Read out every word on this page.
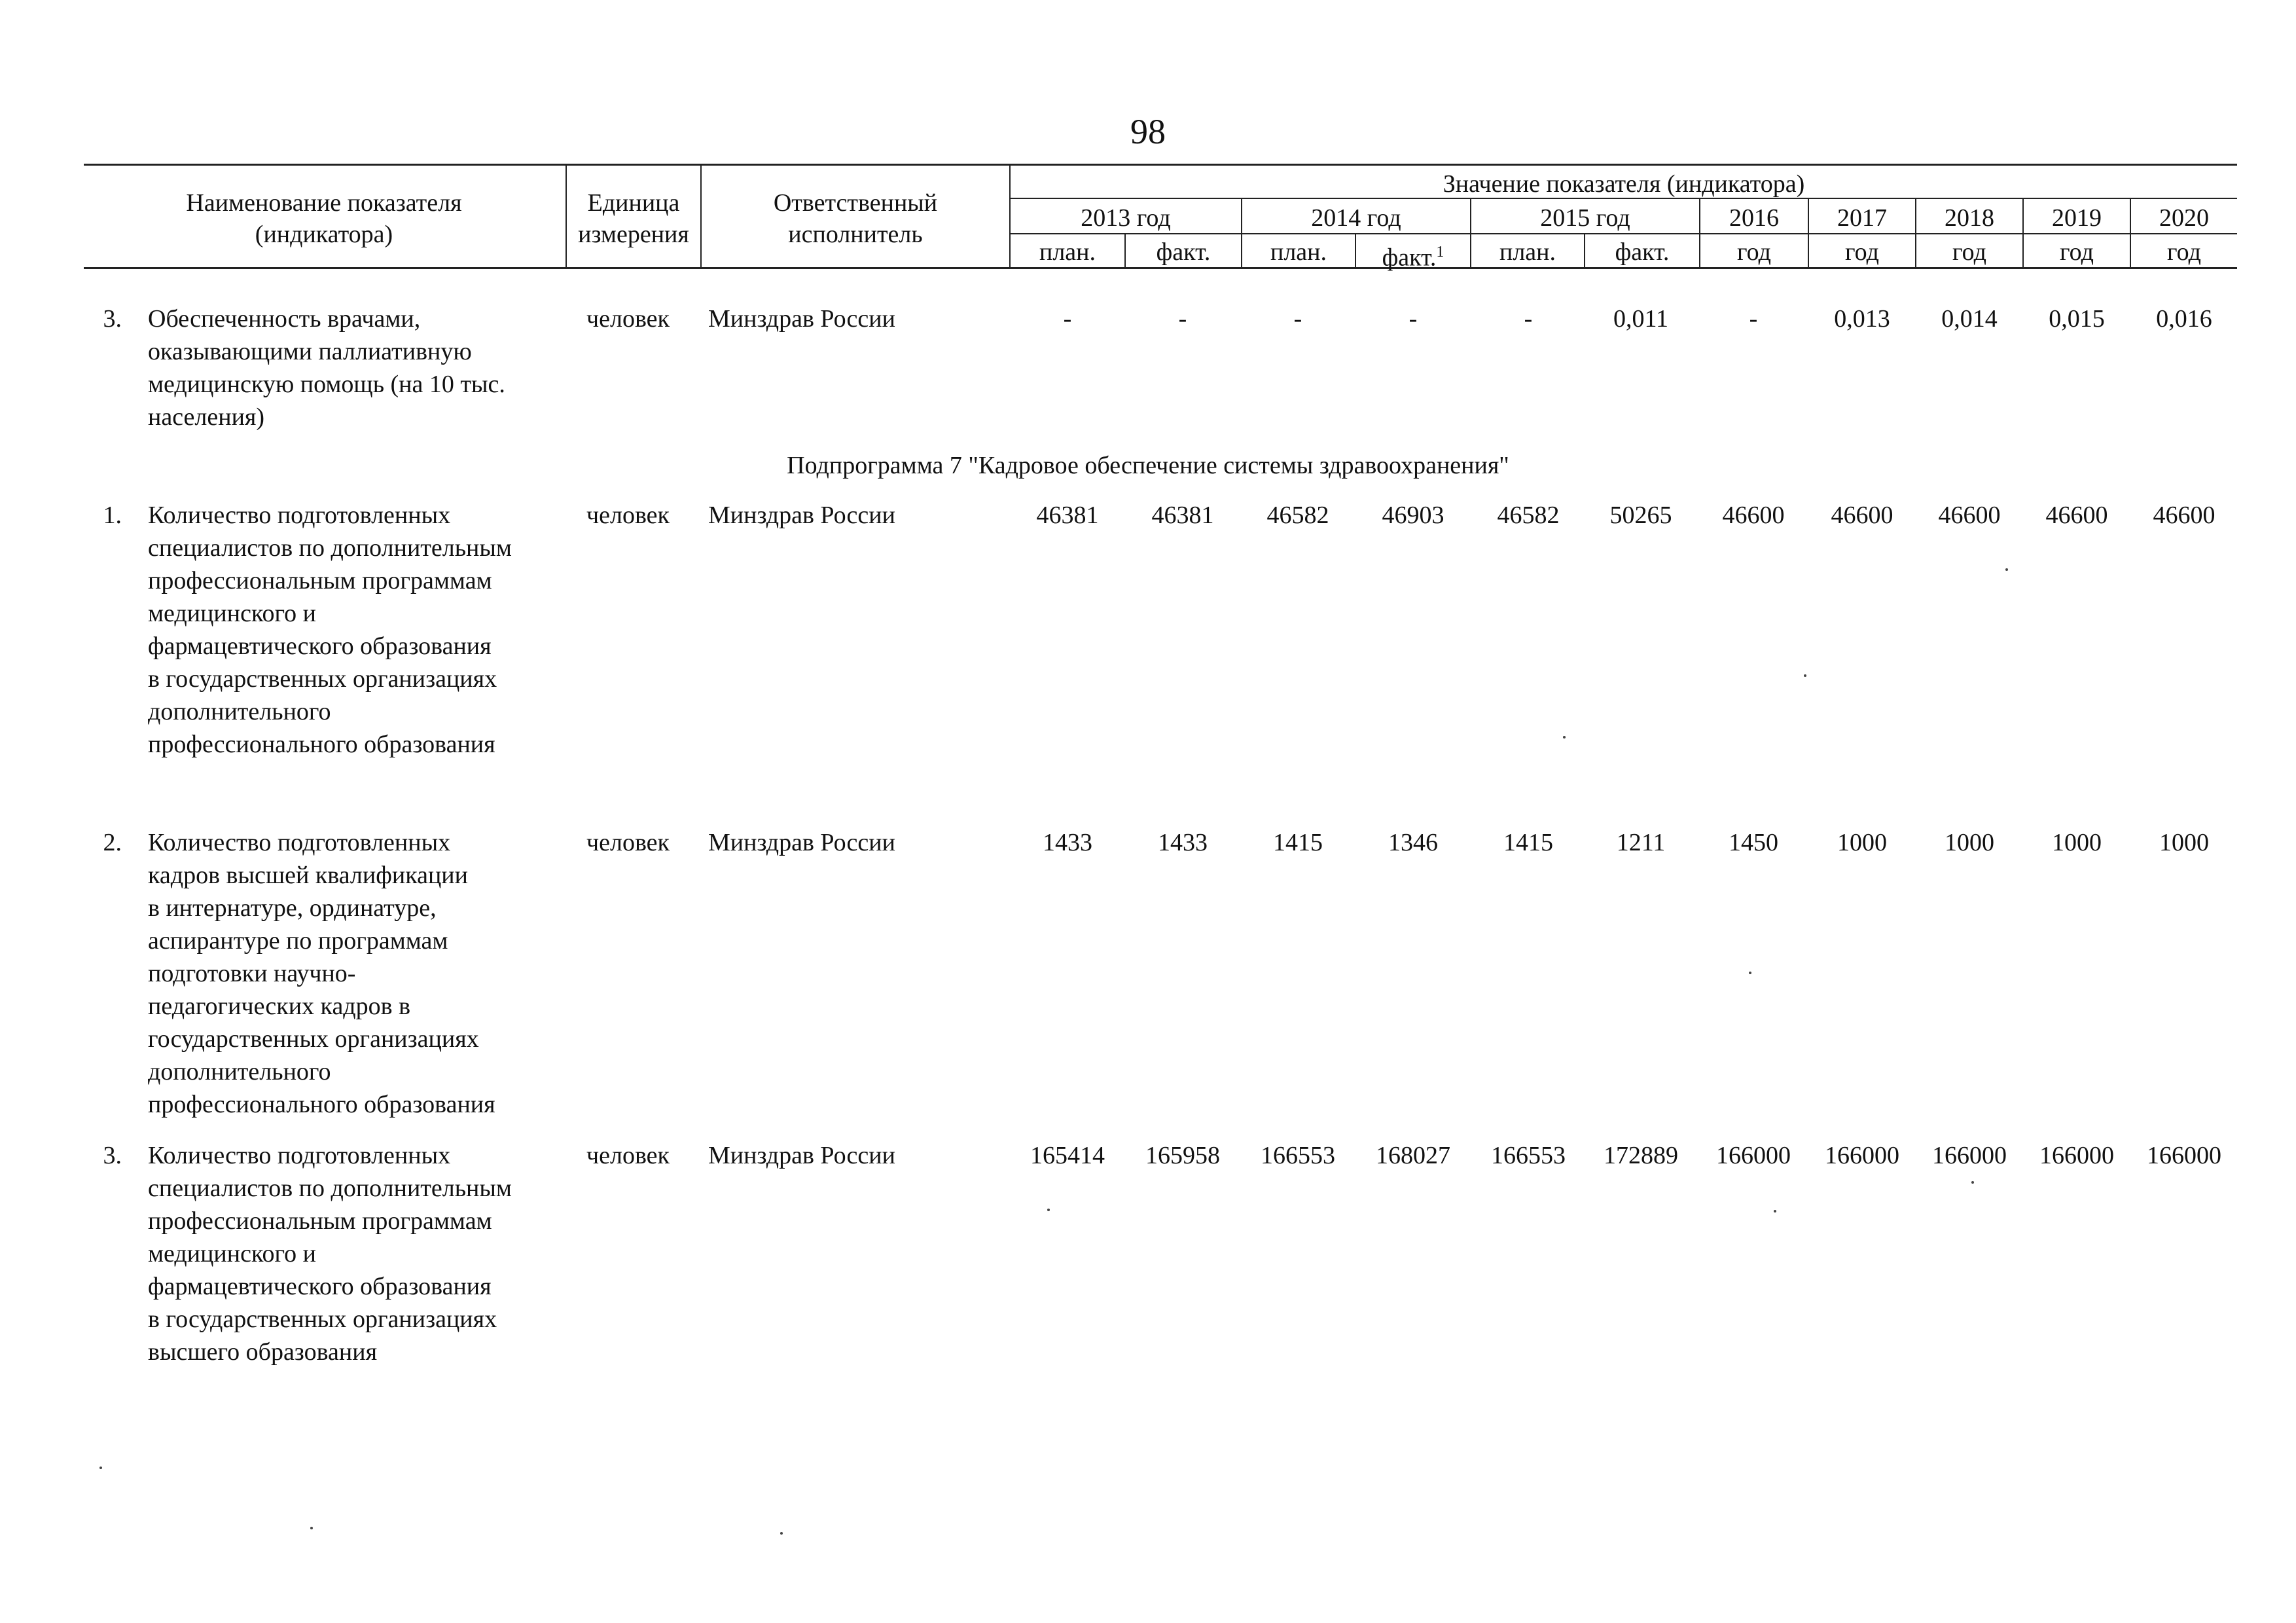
98
Наименование показателя
(индикатора)
Единица
измерения
Ответственный
исполнитель
Значение показателя (индикатора)
2013 год	2014 год	2015 год	2016	2017	2018	2019	2020
план.	факт.	план.	факт.$^1$	план.	факт.	год	год	год	год	год
3. Обеспеченность врачами,
оказывающими паллиативную
медицинскую помощь (на 10 тыс.
населения)
человек Минздрав России	-	-	-	-	-	0,011	-	0,013	0,014	0,015	0,016
Подпрограмма 7 "Кадровое обеспечение системы здравоохранения"
1. Количество подготовленных
специалистов по дополнительным
профессиональным программам
медицинского и
фармацевтического образования
в государственных организациях
дополнительного
профессионального образования
человек Минздрав России	46381	46381	46582	46903	46582	50265	46600	46600	46600	46600	46600
2. Количество подготовленных
кадров высшей квалификации
в интернатуре, ординатуре,
аспирантуре по программам
подготовки научно-
педагогических кадров в
государственных организациях
дополнительного
профессионального образования
человек Минздрав России	1433	1433	1415	1346	1415	1211	1450	1000	1000	1000	1000
3. Количество подготовленных
специалистов по дополнительным
профессиональным программам
медицинского и
фармацевтического образования
в государственных организациях
высшего образования
человек Минздрав России	165414	165958	166553	168027	166553	172889	166000	166000	166000	166000	166000
